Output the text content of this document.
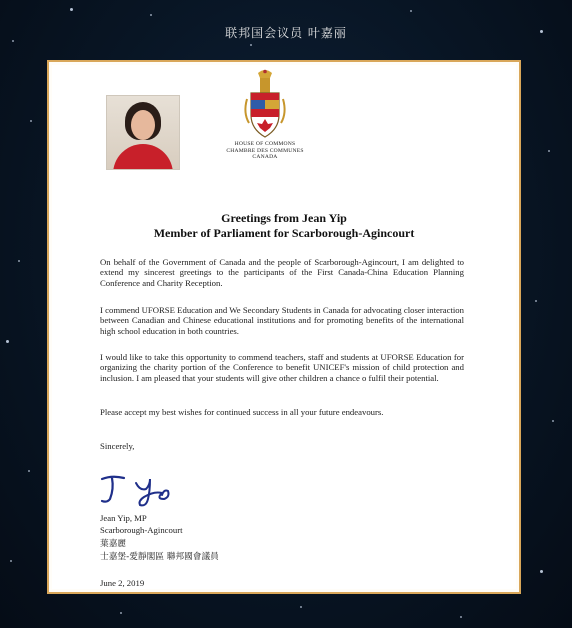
联邦国会议员 叶嘉丽
HOUSE OF COMMONS
CHAMBRE DES COMMUNES
CANADA
Greetings from Jean Yip
Member of Parliament for Scarborough-Agincourt
On behalf of the Government of Canada and the people of Scarborough-Agincourt, I am delighted to extend my sincerest greetings to the participants of the First Canada-China Education Planning Conference and Charity Reception.
I commend UFORSE Education and We Secondary Students in Canada for advocating closer interaction between Canadian and Chinese educational institutions and for promoting benefits of the international high school education in both countries.
I would like to take this opportunity to commend teachers, staff and students at UFORSE Education for organizing the charity portion of the Conference to benefit UNICEF's mission of child protection and inclusion. I am pleased that your students will give other children a chance o fulfil their potential.
Please accept my best wishes for continued success in all your future endeavours.
Sincerely,
Jean Yip, MP
Scarborough-Agincourt
葉嘉麗
士嘉堡-愛靜閣區 聯邦國會議員
June 2, 2019
